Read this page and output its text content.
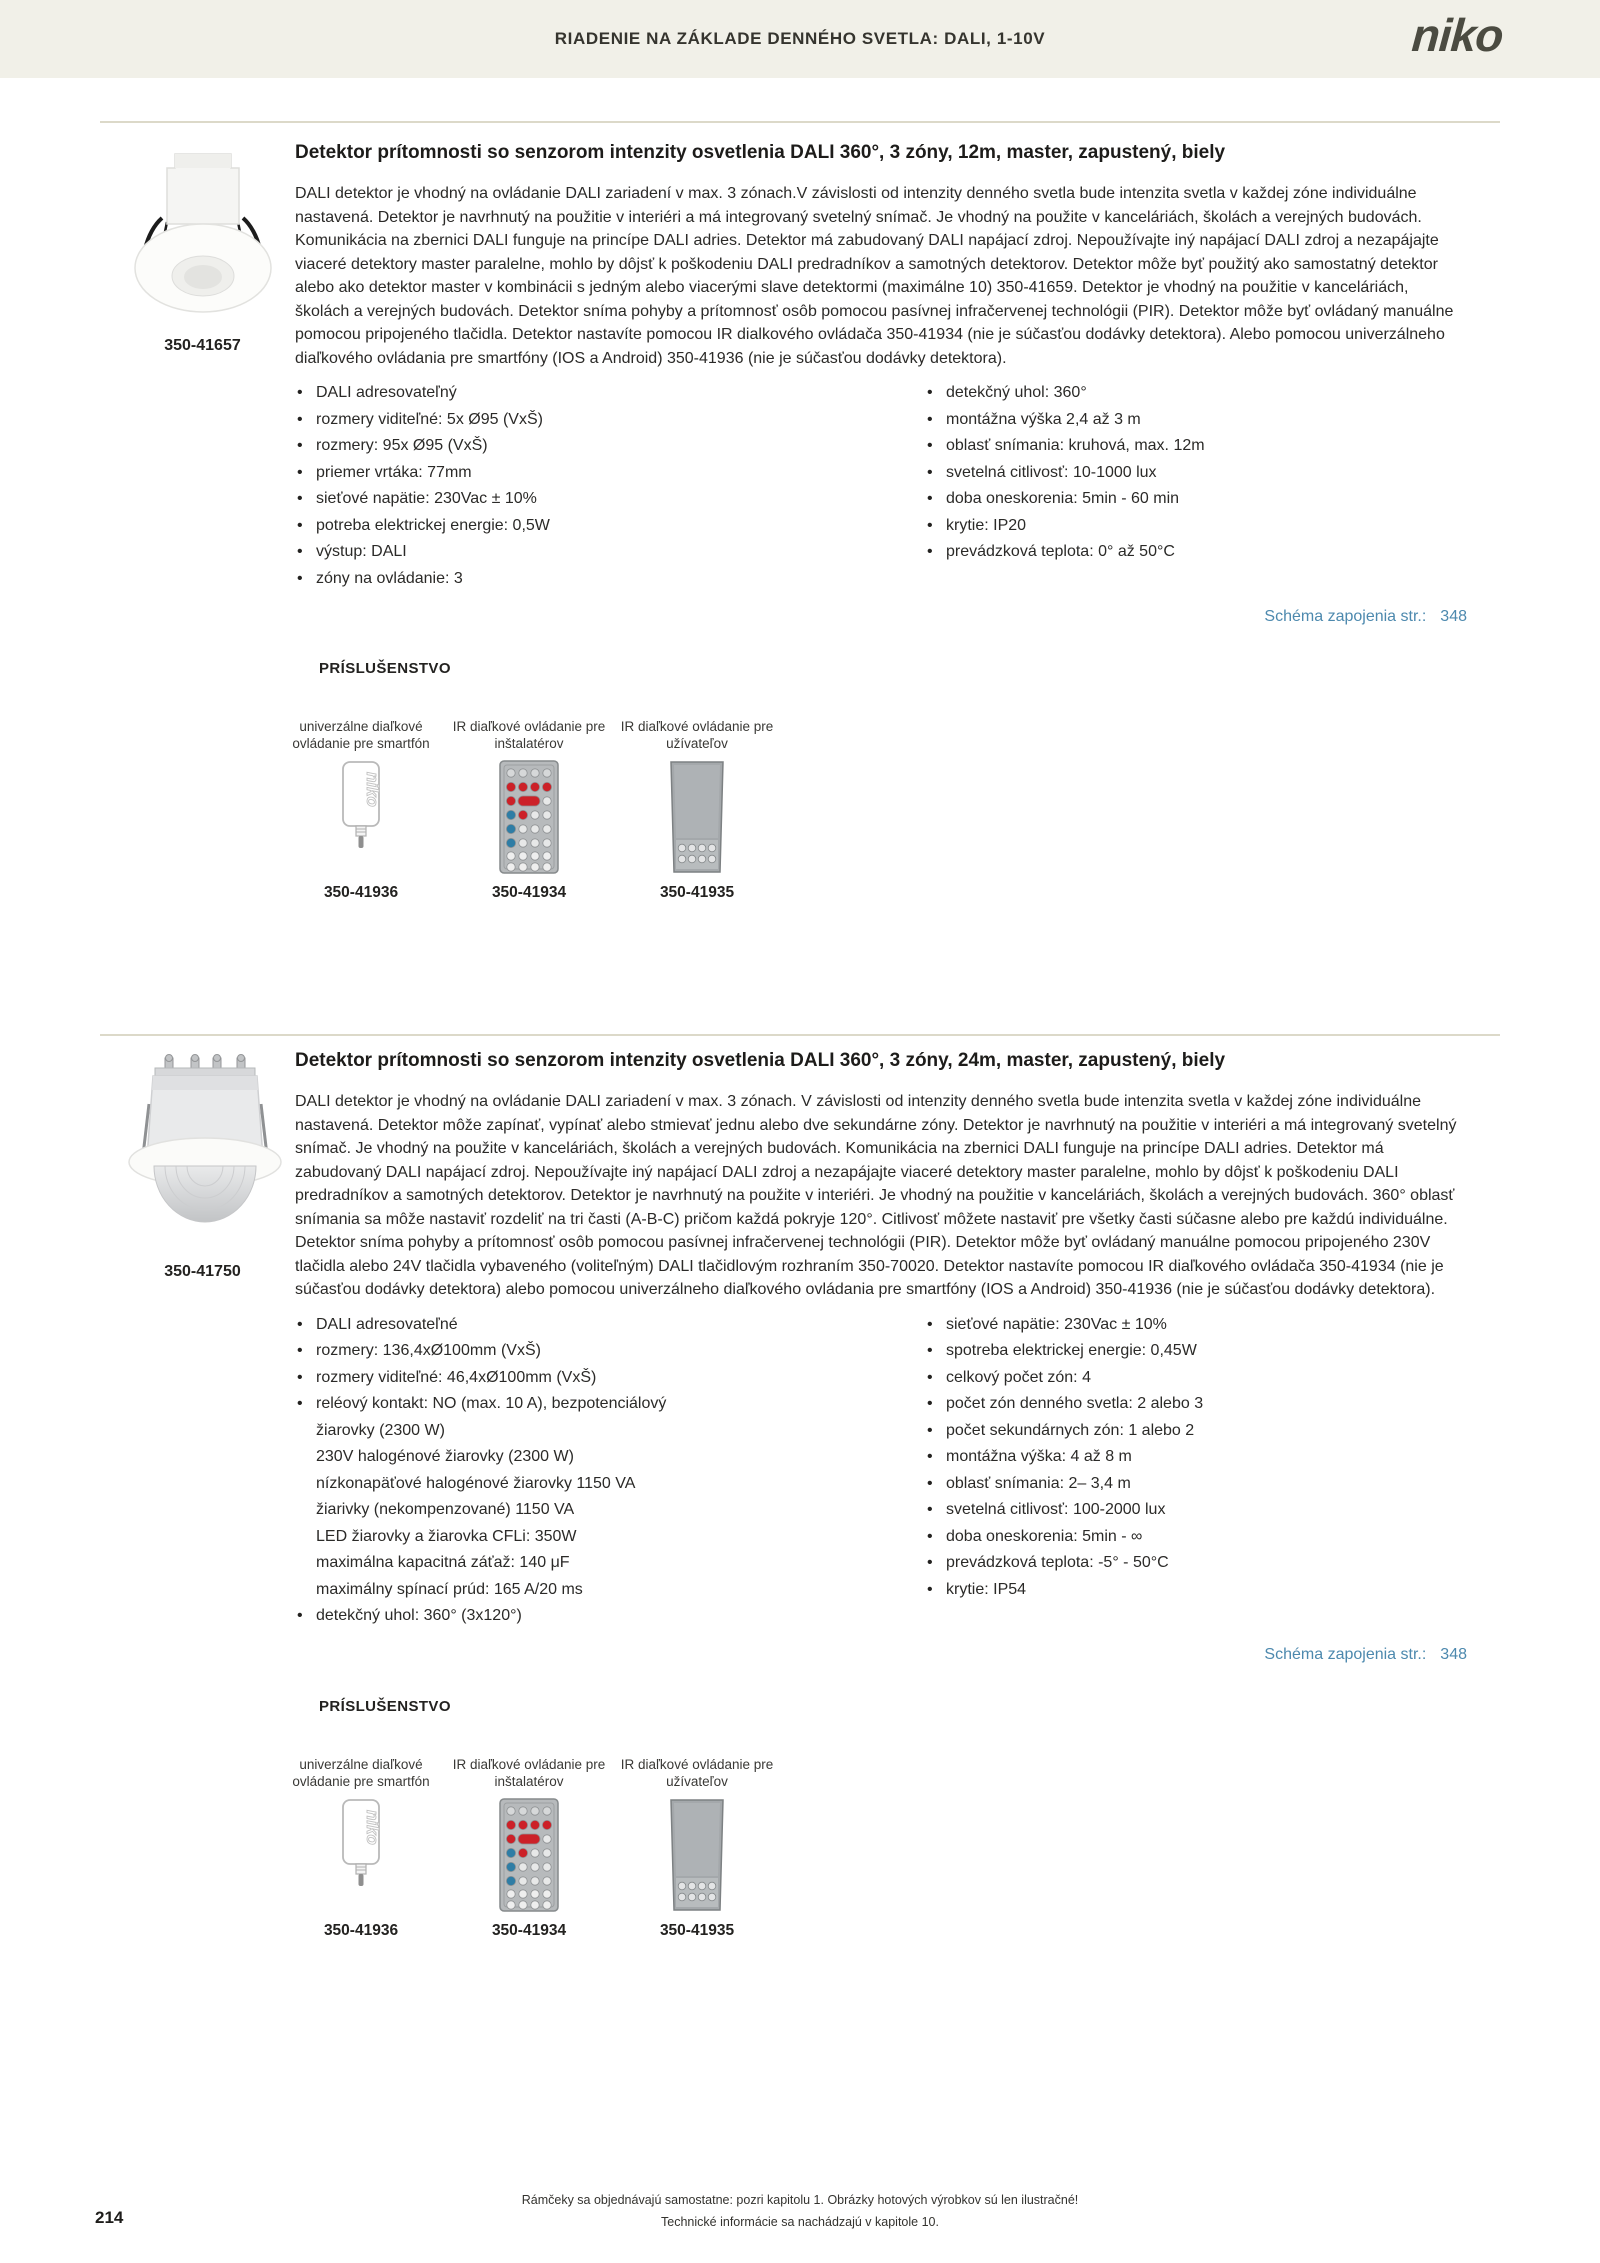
RIADENIE NA ZÁKLADE DENNÉHO SVETLA: DALI, 1-10V	niko
350-41657
Detektor prítomnosti so senzorom intenzity osvetlenia DALI 360°, 3 zóny, 12m, master, zapustený, biely

DALI detektor je vhodný na ovládanie DALI zariadení v max. 3 zónach.V závislosti od intenzity denného svetla bude intenzita svetla v každej zóne individuálne nastavená. Detektor je navrhnutý na použitie v interiéri a má integrovaný svetelný snímač. Je vhodný na použite v kanceláriách, školách a verejných budovách. Komunikácia na zbernici DALI funguje na princípe DALI adries. Detektor má zabudovaný DALI napájací zdroj. Nepoužívajte iný napájací DALI zdroj a nezapájajte viaceré detektory master paralelne, mohlo by dôjsť k poškodeniu DALI predradníkov a samotných detektorov. Detektor môže byť použitý ako samostatný detektor alebo ako detektor master v kombinácii s jedným alebo viacerými slave detektormi (maximálne 10) 350-41659. Detektor je vhodný na použitie v kanceláriách, školách a verejných budovách. Detektor sníma pohyby a prítomnosť osôb pomocou pasívnej infračervenej technológii (PIR). Detektor môže byť ovládaný manuálne pomocou pripojeného tlačidla. Detektor nastavíte pomocou IR dialkového ovládača 350-41934 (nie je súčasťou dodávky detektora). Alebo pomocou univerzálneho diaľkového ovládania pre smartfóny (IOS a Android) 350-41936 (nie je súčasťou dodávky detektora).

• DALI adresovateľný
• rozmery viditeľné: 5x Ø95 (VxŠ)
• rozmery: 95x Ø95 (VxŠ)
• priemer vrtáka: 77mm
• sieťové napätie: 230Vac ± 10%
• potreba elektrickej energie: 0,5W
• výstup: DALI
• zóny na ovládanie: 3
• detekčný uhol: 360°
• montážna výška 2,4 až 3 m
• oblasť snímania: kruhová, max. 12m
• svetelná citlivosť: 10-1000 lux
• doba oneskorenia: 5min - 60 min
• krytie: IP20
• prevádzková teplota: 0° až 50°C
Schéma zapojenia str.: 348
PRÍSLUŠENSTVO
univerzálne diaľkové ovládanie pre smartfón
niko
350-41936
IR diaľkové ovládanie pre inštalatérov
350-41934
IR diaľkové ovládanie pre užívateľov
350-41935
350-41750
Detektor prítomnosti so senzorom intenzity osvetlenia DALI 360°, 3 zóny, 24m, master, zapustený, biely

DALI detektor je vhodný na ovládanie DALI zariadení v max. 3 zónach. V závislosti od intenzity denného svetla bude intenzita svetla v každej zóne individuálne nastavená. Detektor môže zapínať, vypínať alebo stmievať jednu alebo dve sekundárne zóny. Detektor je navrhnutý na použitie v interiéri a má integrovaný svetelný snímač. Je vhodný na použite v kanceláriách, školách a verejných budovách. Komunikácia na zbernici DALI funguje na princípe DALI adries. Detektor má zabudovaný DALI napájací zdroj. Nepoužívajte iný napájací DALI zdroj a nezapájajte viaceré detektory master paralelne, mohlo by dôjsť k poškodeniu DALI predradníkov a samotných detektorov. Detektor je navrhnutý na použite v interiéri. Je vhodný na použitie v kanceláriách, školách a verejných budovách. 360° oblasť snímania sa môže nastaviť rozdeliť na tri časti (A-B-C) pričom každá pokryje 120°. Citlivosť môžete nastaviť pre všetky časti súčasne alebo pre každú individuálne. Detektor sníma pohyby a prítomnosť osôb pomocou pasívnej infračervenej technológii (PIR). Detektor môže byť ovládaný manuálne pomocou pripojeného 230V tlačidla alebo 24V tlačidla vybaveného (voliteľným) DALI tlačidlovým rozhraním 350-70020. Detektor nastavíte pomocou IR diaľkového ovládača 350-41934 (nie je súčasťou dodávky detektora) alebo pomocou univerzálneho diaľkového ovládania pre smartfóny (IOS a Android) 350-41936 (nie je súčasťou dodávky detektora).

• DALI adresovateľné
• rozmery: 136,4xØ100mm (VxŠ)
• rozmery viditeľné: 46,4xØ100mm (VxŠ)
• reléový kontakt: NO (max. 10 A), bezpotenciálový
žiarovky (2300 W)
230V halogénové žiarovky (2300 W)
nízkonapäťové halogénové žiarovky 1150 VA
žiarivky (nekompenzované) 1150 VA
LED žiarovky a žiarovka CFLi: 350W
maximálna kapacitná záťaž: 140 μF
maximálny spínací prúd: 165 A/20 ms
• detekčný uhol: 360° (3x120°)
• sieťové napätie: 230Vac ± 10%
• spotreba elektrickej energie: 0,45W
• celkový počet zón: 4
• počet zón denného svetla: 2 alebo 3
• počet sekundárnych zón: 1 alebo 2
• montážna výška: 4 až 8 m
• oblasť snímania: 2– 3,4 m
• svetelná citlivosť: 100-2000 lux
• doba oneskorenia: 5min - ∞
• prevádzková teplota: -5° - 50°C
• krytie: IP54
Schéma zapojenia str.: 348
PRÍSLUŠENSTVO
univerzálne diaľkové ovládanie pre smartfón
niko
350-41936
IR diaľkové ovládanie pre inštalatérov
350-41934
IR diaľkové ovládanie pre užívateľov
350-41935
Rámčeky sa objednávajú samostatne: pozri kapitolu 1. Obrázky hotových výrobkov sú len ilustračné!
Technické informácie sa nachádzajú v kapitole 10.
214
